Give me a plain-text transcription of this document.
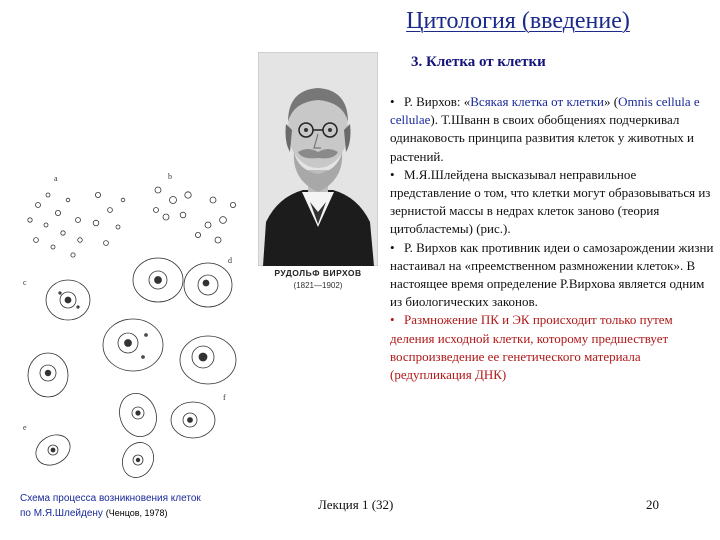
Цитология (введение)
3. Клетка от клетки
РУДОЛЬФ ВИРХОВ
(1821—1902)

• Р. Вирхов: «Всякая клетка от клетки» (Omnis cellula e cellulae). Т.Шванн в своих обобщениях подчеркивал одинаковость принципа развития клеток у животных и растений.

• М.Я.Шлейдена высказывал неправильное представление о том, что клетки могут образовываться из зернистой массы в недрах клеток заново (теория цитобластемы) (рис.).

• Р. Вирхов как противник идеи о самозарождении жизни настаивал на «преемственном размножении клеток». В настоящее время определение Р.Вирхова является одним из биологических законов.

• Размножение ПК и ЭК происходит только путем деления исходной клетки, которому предшествует воспроизведение ее генетического материала (редупликация ДНК)

a	b
c
d
e
f
Схема процесса возникновения клеток
по М.Я.Шлейдену (Ченцов, 1978)
Лекция 1 (32)	20
